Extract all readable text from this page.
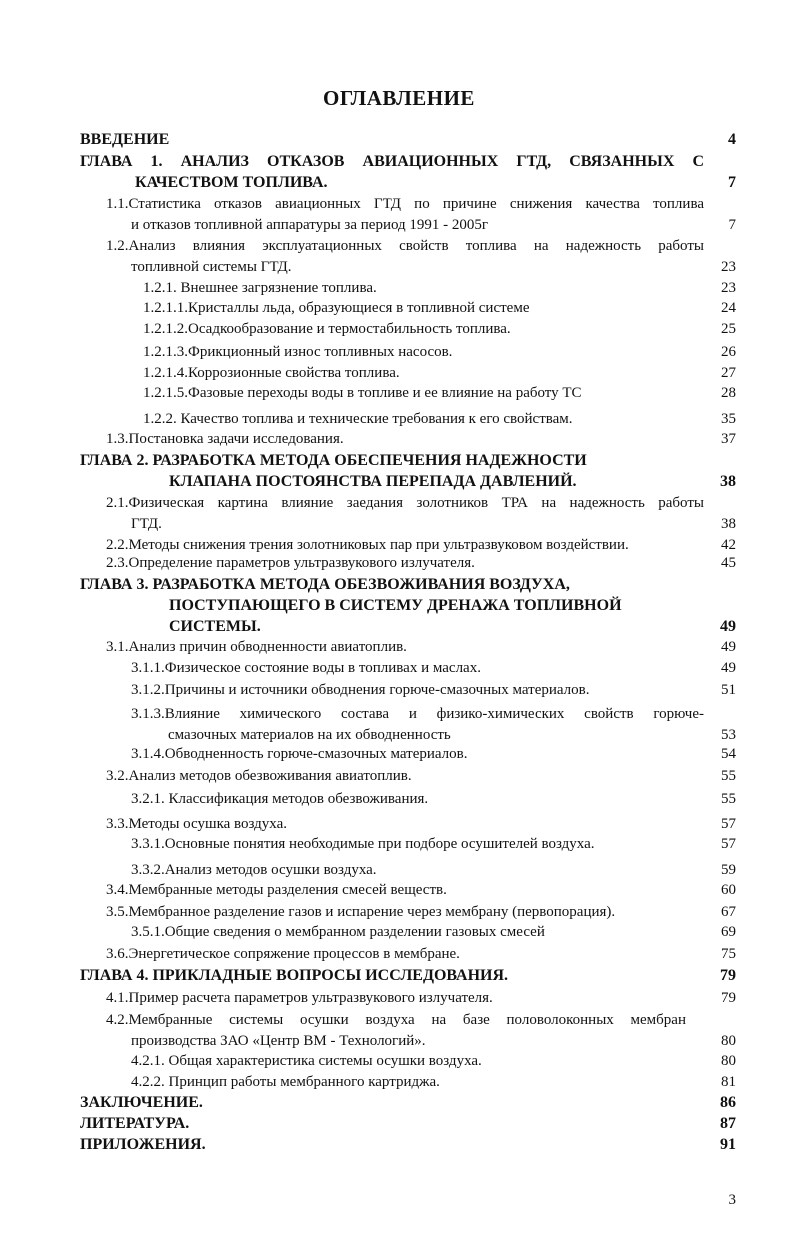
ОГЛАВЛЕНИЕ
ВВЕДЕНИЕ	4
ГЛАВА 1. АНАЛИЗ ОТКАЗОВ АВИАЦИОННЫХ ГТД, СВЯЗАННЫХ С
КАЧЕСТВОМ ТОПЛИВА.	7
1.1.Статистика отказов авиационных ГТД по причине снижения качества топлива
и отказов топливной аппаратуры за период 1991 - 2005г	7
1.2.Анализ влияния эксплуатационных свойств топлива на надежность работы
топливной системы ГТД.	23
1.2.1. Внешнее загрязнение топлива.	23
1.2.1.1.Кристаллы льда, образующиеся в топливной системе	24
1.2.1.2.Осадкообразование и термостабильность топлива.	25
1.2.1.3.Фрикционный износ топливных насосов.	26
1.2.1.4.Коррозионные свойства топлива.	27
1.2.1.5.Фазовые переходы воды в топливе и ее влияние на работу ТС	28
1.2.2. Качество топлива и технические требования к его свойствам.	35
1.3.Постановка задачи исследования.	37
ГЛАВА 2. РАЗРАБОТКА МЕТОДА ОБЕСПЕЧЕНИЯ НАДЕЖНОСТИ
КЛАПАНА ПОСТОЯНСТВА ПЕРЕПАДА ДАВЛЕНИЙ.	38
2.1.Физическая картина влияние заедания золотников ТРА на надежность работы
ГТД.	38
2.2.Методы снижения трения золотниковых пар при ультразвуковом воздействии.	42
2.3.Определение параметров ультразвукового излучателя.	45
ГЛАВА 3. РАЗРАБОТКА МЕТОДА ОБЕЗВОЖИВАНИЯ ВОЗДУХА,
ПОСТУПАЮЩЕГО В СИСТЕМУ ДРЕНАЖА ТОПЛИВНОЙ
СИСТЕМЫ.	49
3.1.Анализ причин обводненности авиатоплив.	49
3.1.1.Физическое состояние воды в топливах и маслах.	49
3.1.2.Причины и источники обводнения горюче-смазочных материалов.	51
3.1.3.Влияние химического состава и физико-химических свойств горюче-
смазочных материалов на их обводненность	53
3.1.4.Обводненность горюче-смазочных материалов.	54
3.2.Анализ методов обезвоживания авиатоплив.	55
3.2.1. Классификация методов обезвоживания.	55
3.3.Методы осушка воздуха.	57
3.3.1.Основные понятия необходимые при подборе осушителей воздуха.	57
3.3.2.Анализ методов осушки воздуха.	59
3.4.Мембранные методы разделения смесей веществ.	60
3.5.Мембранное разделение газов и испарение через мембрану (первопорация).	67
3.5.1.Общие сведения о мембранном разделении газовых смесей	69
3.6.Энергетическое сопряжение процессов в мембране.	75
ГЛАВА 4. ПРИКЛАДНЫЕ ВОПРОСЫ ИССЛЕДОВАНИЯ.	79
4.1.Пример расчета параметров ультразвукового излучателя.	79
4.2.Мембранные системы осушки воздуха на базе половолоконных мембран
производства ЗАО «Центр ВМ - Технологий».	80
4.2.1. Общая характеристика системы осушки воздуха.	80
4.2.2. Принцип работы мембранного картриджа.	81
ЗАКЛЮЧЕНИЕ.	86
ЛИТЕРАТУРА.	87
ПРИЛОЖЕНИЯ.	91
3
